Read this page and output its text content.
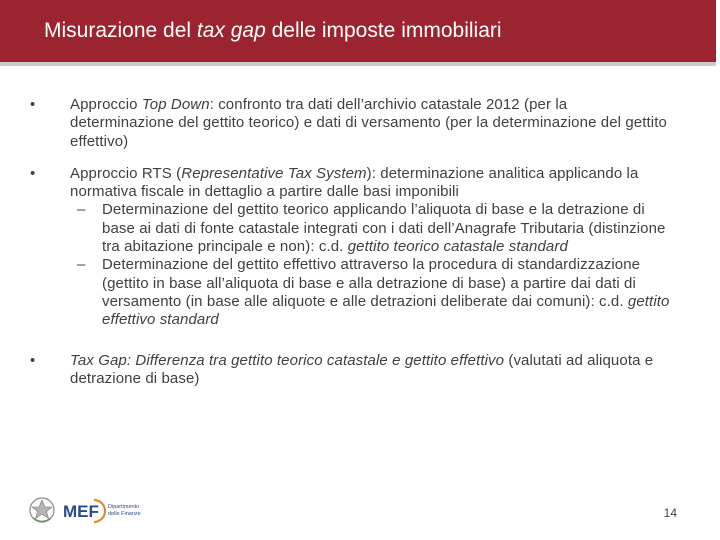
Misurazione del tax gap delle imposte immobiliari
• Approccio Top Down: confronto tra dati dell’archivio catastale 2012 (per la determinazione del gettito teorico) e dati di versamento (per la determinazione del gettito effettivo)
• Approccio RTS (Representative Tax System): determinazione analitica applicando la normativa fiscale in dettaglio a partire dalle basi imponibili
– Determinazione del gettito teorico applicando l’aliquota di base e la detrazione di base ai dati di fonte catastale integrati con i dati dell’Anagrafe Tributaria (distinzione tra abitazione principale e non): c.d. gettito teorico catastale standard
– Determinazione del gettito effettivo attraverso la procedura di standardizzazione (gettito in base all’aliquota di base e alla detrazione di base) a partire dai dati di versamento (in base alle aliquote e alle detrazioni deliberate dai comuni): c.d. gettito effettivo standard
• Tax Gap: Differenza tra gettito teorico catastale e gettito effettivo (valutati ad aliquota e detrazione di base)
MEF Dipartimento
delle Finanze	14
